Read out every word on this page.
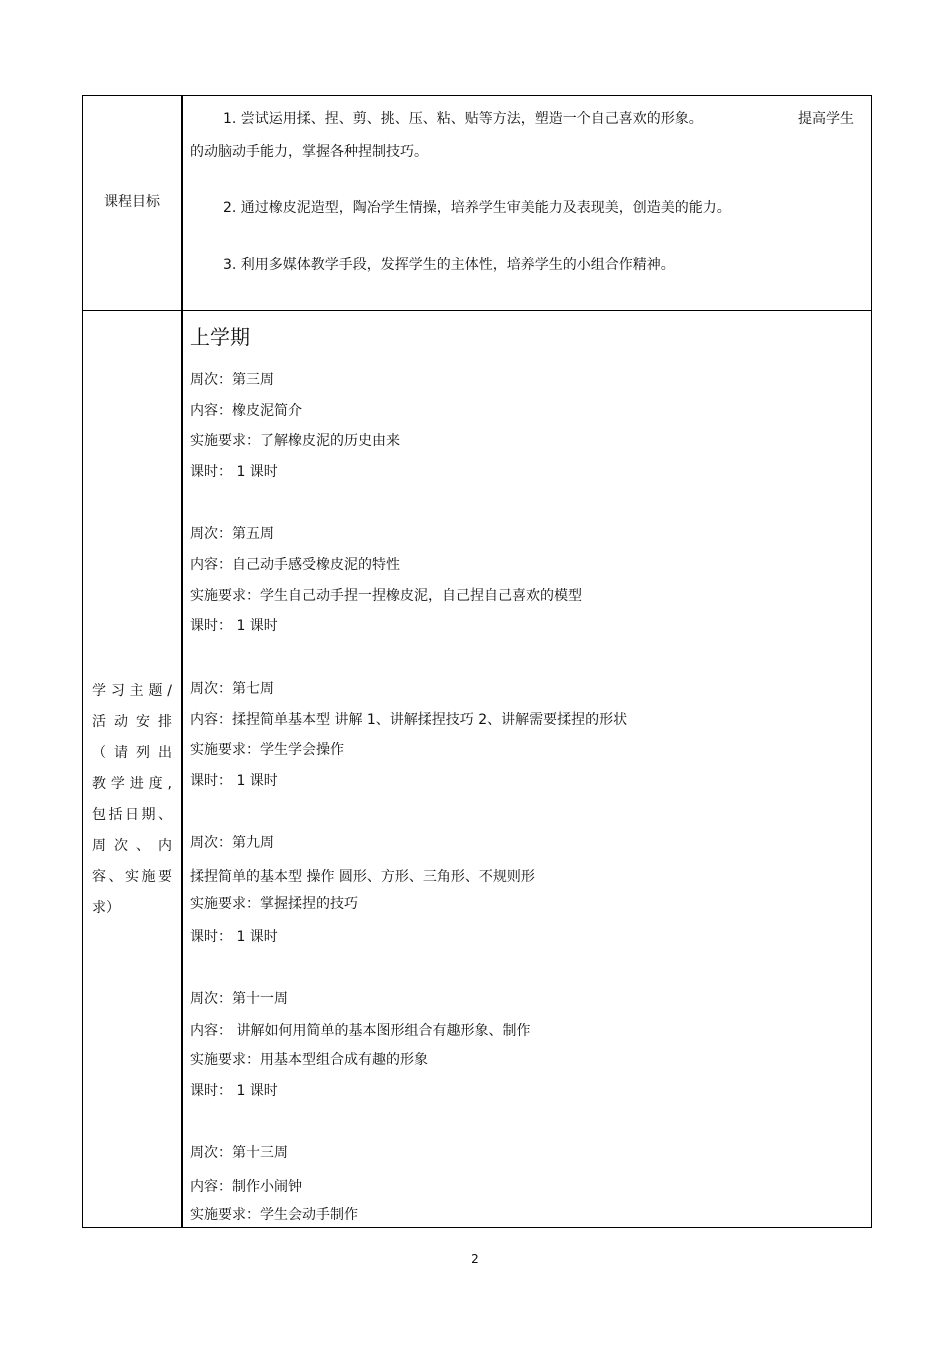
课程目标
1. 尝试运用揉、捏、剪、挑、压、粘、贴等方法，塑造一个自己喜欢的形象。	提高学生
的动脑动手能力，掌握各种捏制技巧。
2. 通过橡皮泥造型，陶冶学生情操，培养学生审美能力及表现美，创造美的能力。
3. 利用多媒体教学手段，发挥学生的主体性，培养学生的小组合作精神。
学习主题/
活动安排
（请列出
教学进度,
包括日期、
周次、内
容、实施要
求）
上学期
周次：第三周
内容：橡皮泥简介
实施要求：了解橡皮泥的历史由来
课时： 1 课时
周次：第五周
内容：自己动手感受橡皮泥的特性
实施要求：学生自己动手捏一捏橡皮泥，自己捏自己喜欢的模型
课时： 1 课时
周次：第七周
内容：揉捏简单基本型 讲解 1、讲解揉捏技巧 2、讲解需要揉捏的形状
实施要求：学生学会操作
课时： 1 课时
周次：第九周
揉捏简单的基本型 操作 圆形、方形、三角形、不规则形
实施要求：掌握揉捏的技巧
课时： 1 课时
周次：第十一周
内容： 讲解如何用简单的基本图形组合有趣形象、制作
实施要求：用基本型组合成有趣的形象
课时： 1 课时
周次：第十三周
内容：制作小闹钟
实施要求：学生会动手制作
2
